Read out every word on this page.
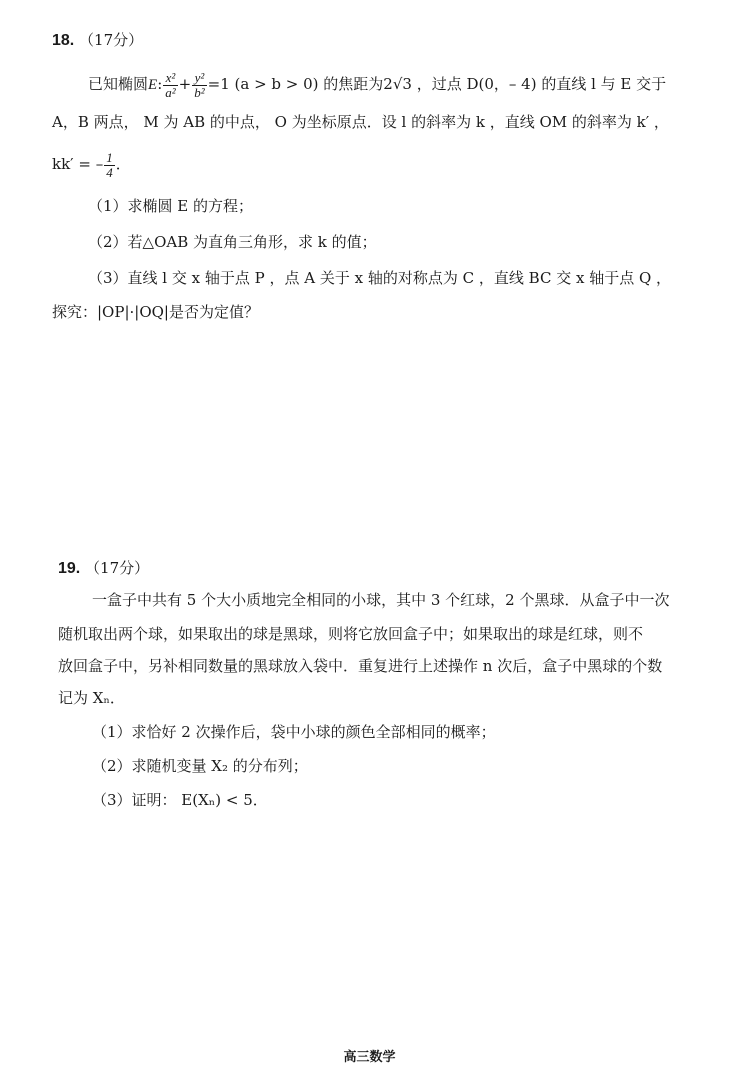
18. （17分）
已知椭圆E: $\frac{\text{x²}}{\text{a²}} + \frac{\text{y²}}{\text{b²}} =1$ (a > b > 0) 的焦距为2√3 ，过点 D(0，– 4) 的直线 l 与 E 交于
A，B 两点， M 为 AB 的中点， O 为坐标原点．设 l 的斜率为 k ，直线 OM 的斜率为 k′ ，
kk′ = – $\frac{1}{4}$ ．
（1）求椭圆 E 的方程；
（2）若△OAB 为直角三角形，求 k 的值；
（3）直线 l 交 x 轴于点 P ，点 A 关于 x 轴的对称点为 C ，直线 BC 交 x 轴于点 Q ，
探究：|OP|·|OQ|是否为定值？
19. （17分）
一盒子中共有 5 个大小质地完全相同的小球，其中 3 个红球，2 个黑球．从盒子中一次
随机取出两个球，如果取出的球是黑球，则将它放回盒子中；如果取出的球是红球，则不
放回盒子中，另补相同数量的黑球放入袋中．重复进行上述操作 n 次后，盒子中黑球的个数
记为 Xₙ．
（1）求恰好 2 次操作后，袋中小球的颜色全部相同的概率；
（2）求随机变量 X₂ 的分布列；
（3）证明： E(Xₙ) < 5．
高三数学
